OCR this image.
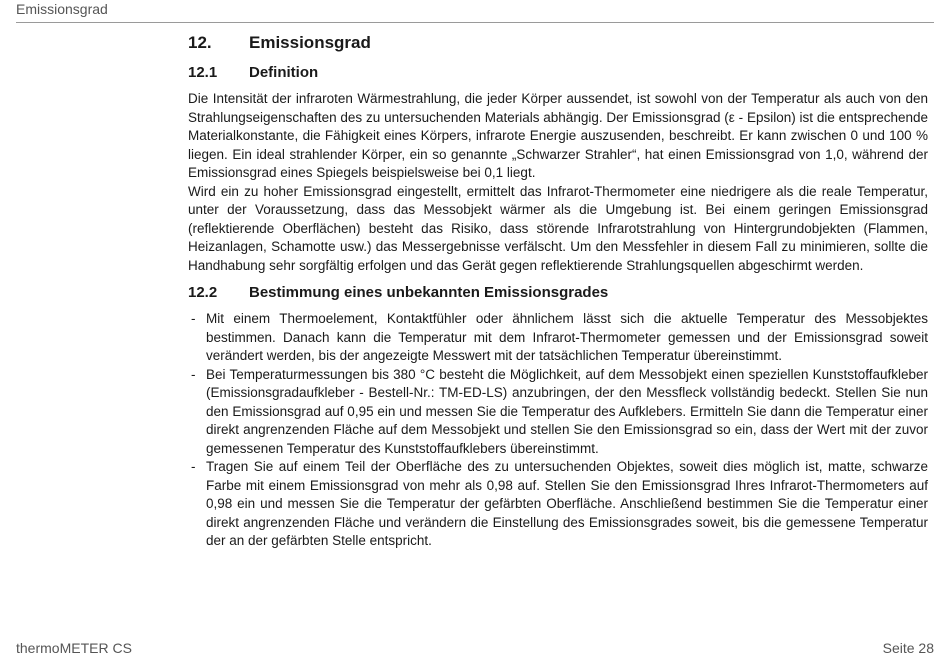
Emissionsgrad
12.	Emissionsgrad
12.1	Definition

Die Intensität der infraroten Wärmestrahlung, die jeder Körper aussendet, ist sowohl von der Temperatur als auch von den Strahlungseigenschaften des zu untersuchenden Materials abhängig. Der Emissionsgrad (ε - Epsilon) ist die entsprechende Materialkonstante, die Fähigkeit eines Körpers, infrarote Energie auszusenden, beschreibt. Er kann zwischen 0 und 100 % liegen. Ein ideal strahlender Körper, ein so genannte „Schwarzer Strahler“, hat einen Emissionsgrad von 1,0, während der Emissionsgrad eines Spiegels beispielsweise bei 0,1 liegt.

Wird ein zu hoher Emissionsgrad eingestellt, ermittelt das Infrarot-Thermometer eine niedrigere als die reale Temperatur, unter der Voraussetzung, dass das Messobjekt wärmer als die Umgebung ist. Bei einem geringen Emissionsgrad (reflektierende Oberflächen) besteht das Risiko, dass störende Infrarotstrahlung von Hintergrundobjekten (Flammen, Heizanlagen, Schamotte usw.) das Messergebnisse verfälscht. Um den Messfehler in diesem Fall zu minimieren, sollte die Handhabung sehr sorgfältig erfolgen und das Gerät gegen reflektierende Strahlungsquellen abgeschirmt werden.

12.2	Bestimmung eines unbekannten Emissionsgrades
- Mit einem Thermoelement, Kontaktfühler oder ähnlichem lässt sich die aktuelle Temperatur des Messobjektes bestimmen. Danach kann die Temperatur mit dem Infrarot-Thermometer gemessen und der Emissionsgrad soweit verändert werden, bis der angezeigte Messwert mit der tatsächlichen Temperatur übereinstimmt.
- Bei Temperaturmessungen bis 380 °C besteht die Möglichkeit, auf dem Messobjekt einen speziellen Kunststoffaufkleber (Emissionsgradaufkleber - Bestell-Nr.: TM-ED-LS) anzubringen, der den Messfleck vollständig bedeckt. Stellen Sie nun den Emissionsgrad auf 0,95 ein und messen Sie die Temperatur des Aufklebers. Ermitteln Sie dann die Temperatur einer direkt angrenzenden Fläche auf dem Messobjekt und stellen Sie den Emissionsgrad so ein, dass der Wert mit der zuvor gemessenen Temperatur des Kunststoffaufklebers übereinstimmt.
- Tragen Sie auf einem Teil der Oberfläche des zu untersuchenden Objektes, soweit dies möglich ist, matte, schwarze Farbe mit einem Emissionsgrad von mehr als 0,98 auf. Stellen Sie den Emissionsgrad Ihres Infrarot-Thermometers auf 0,98 ein und messen Sie die Temperatur der gefärbten Oberfläche. Anschließend bestimmen Sie die Temperatur einer direkt angrenzenden Fläche und verändern die Einstellung des Emissionsgrades soweit, bis die gemessene Temperatur der an der gefärbten Stelle entspricht.
thermoMETER CS	Seite 28
